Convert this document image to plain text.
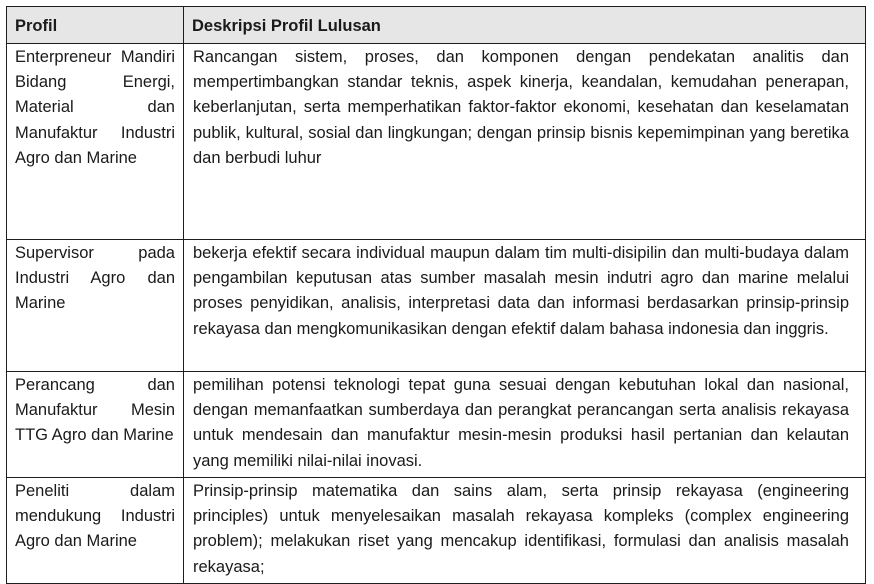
Profil	Deskripsi Profil Lulusan
Enterpreneur Mandiri Bidang Energi, Material dan Manufaktur Industri Agro dan Marine	Rancangan sistem, proses, dan komponen dengan pendekatan analitis dan mempertimbangkan standar teknis, aspek kinerja, keandalan, kemudahan penerapan, keberlanjutan, serta memperhatikan faktor-faktor ekonomi, kesehatan dan keselamatan publik, kultural, sosial dan lingkungan; dengan prinsip bisnis kepemimpinan yang beretika dan berbudi luhur
Supervisor pada Industri Agro dan Marine	bekerja efektif secara individual maupun dalam tim multi-disipilin dan multi-budaya dalam pengambilan keputusan atas sumber masalah mesin indutri agro dan marine melalui proses penyidikan, analisis, interpretasi data dan informasi berdasarkan prinsip-prinsip rekayasa dan mengkomunikasikan dengan efektif dalam bahasa indonesia dan inggris.
Perancang dan Manufaktur Mesin TTG Agro dan Marine	pemilihan potensi teknologi tepat guna sesuai dengan kebutuhan lokal dan nasional, dengan memanfaatkan sumberdaya dan perangkat perancangan serta analisis rekayasa untuk mendesain dan manufaktur mesin-mesin produksi hasil pertanian dan kelautan yang memiliki nilai-nilai inovasi.
Peneliti dalam mendukung Industri Agro dan Marine	Prinsip-prinsip matematika dan sains alam, serta prinsip rekayasa (engineering principles) untuk menyelesaikan masalah rekayasa kompleks (complex engineering problem); melakukan riset yang mencakup identifikasi, formulasi dan analisis masalah rekayasa;
